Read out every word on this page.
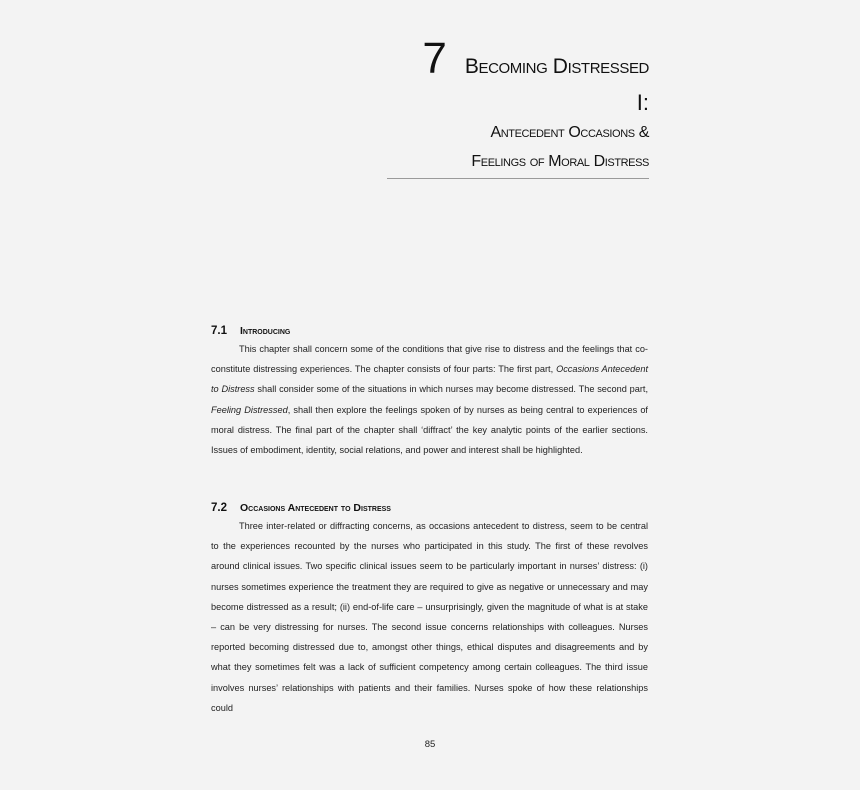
7 Becoming Distressed
I:
Antecedent Occasions &
Feelings of Moral Distress
7.1 Introducing

This chapter shall concern some of the conditions that give rise to distress and the feelings that co-constitute distressing experiences. The chapter consists of four parts: The first part, Occasions Antecedent to Distress shall consider some of the situations in which nurses may become distressed. The second part, Feeling Distressed, shall then explore the feelings spoken of by nurses as being central to experiences of moral distress. The final part of the chapter shall ‘diffract’ the key analytic points of the earlier sections. Issues of embodiment, identity, social relations, and power and interest shall be highlighted.

7.2 Occasions Antecedent to Distress

Three inter-related or diffracting concerns, as occasions antecedent to distress, seem to be central to the experiences recounted by the nurses who participated in this study. The first of these revolves around clinical issues. Two specific clinical issues seem to be particularly important in nurses’ distress: (i) nurses sometimes experience the treatment they are required to give as negative or unnecessary and may become distressed as a result; (ii) end-of-life care – unsurprisingly, given the magnitude of what is at stake – can be very distressing for nurses. The second issue concerns relationships with colleagues. Nurses reported becoming distressed due to, amongst other things, ethical disputes and disagreements and by what they sometimes felt was a lack of sufficient competency among certain colleagues. The third issue involves nurses’ relationships with patients and their families. Nurses spoke of how these relationships could

85
